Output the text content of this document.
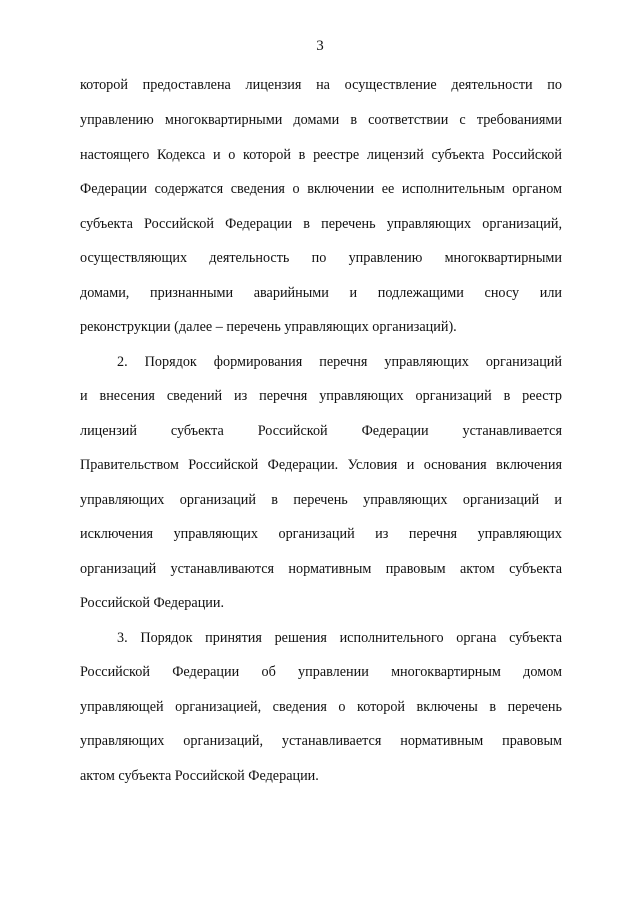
3
которой предоставлена лицензия на осуществление деятельности по
управлению многоквартирными домами в соответствии с требованиями
настоящего Кодекса и о которой в реестре лицензий субъекта Российской
Федерации содержатся сведения о включении ее исполнительным органом
субъекта Российской Федерации в перечень управляющих организаций,
осуществляющих деятельность по управлению многоквартирными
домами, признанными аварийными и подлежащими сносу или
реконструкции (далее – перечень управляющих организаций).
2. Порядок формирования перечня управляющих организаций
и внесения сведений из перечня управляющих организаций в реестр
лицензий субъекта Российской Федерации устанавливается
Правительством Российской Федерации. Условия и основания включения
управляющих организаций в перечень управляющих организаций и
исключения управляющих организаций из перечня управляющих
организаций устанавливаются нормативным правовым актом субъекта
Российской Федерации.
3. Порядок принятия решения исполнительного органа субъекта
Российской Федерации об управлении многоквартирным домом
управляющей организацией, сведения о которой включены в перечень
управляющих организаций, устанавливается нормативным правовым
актом субъекта Российской Федерации.
